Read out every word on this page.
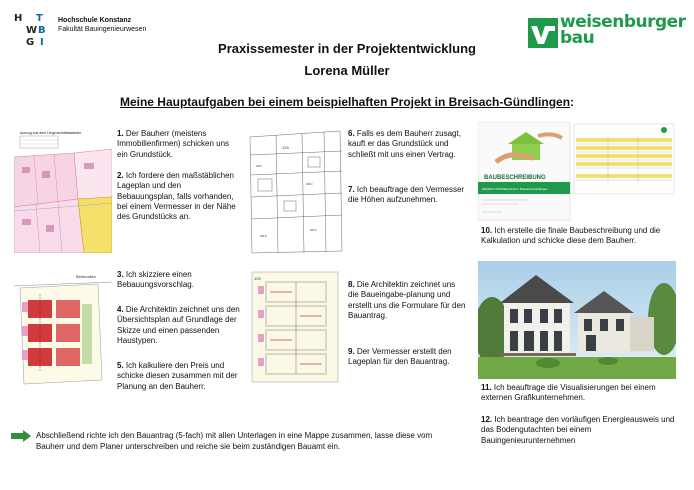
H T
W B
G I
Hochschule Konstanz
Fakultät Bauingenieurwesen	weisenburger
bau
Praxissemester in der Projektentwicklung
Lorena Müller
Meine Hauptaufgaben bei einem beispielhaften Projekt in Breisach-Gündlingen:
Auszug aus dem Liegenschaftskataster
Birkenallee
129
203.1
204.0
202.8
203.5
129
BAUBESCHREIBUNG
NEUBAU DOPPELHAUS in Breisach-Gündlingen
1. Der Bauherr (meistens Immobilienfirmen) schicken uns ein Grundstück.
2. Ich fordere den maßstäblichen Lageplan und den Bebauungsplan, falls vorhanden, bei einem Vermesser in der Nähe des Grundstücks an.
3. Ich skizziere einen Bebauungsvorschlag.
4. Die Architektin zeichnet uns den Übersichtsplan auf Grundlage der Skizze und einen passenden Haustypen.
5. Ich kalkuliere den Preis und schicke diesen zusammen mit der Planung an den Bauherr.
6. Falls es dem Bauherr zusagt, kauft er das Grundstück und schließt mit uns einen Vertrag.
7. Ich beauftrage den Vermesser die Höhen aufzunehmen.
8. Die Architektin zeichnet uns die Baueingabe-planung und erstellt uns die Formulare für den Bauantrag.
9. Der Vermesser erstellt den Lageplan für den Bauantrag.
10. Ich erstelle die finale Baubeschreibung und die Kalkulation und schicke diese dem Bauherr.
11. Ich beauftrage die Visualisierungen bei einem externen Grafikunternehmen.
12. Ich beantrage den vorläufigen Energieausweis und das Bodengutachten bei einem Bauingenieurunternehmen
Abschließend richte ich den Bauantrag (5-fach) mit allen Unterlagen in eine Mappe zusammen, lasse diese vom Bauherr und dem Planer unterschreiben und reiche sie beim zuständigen Bauamt ein.
